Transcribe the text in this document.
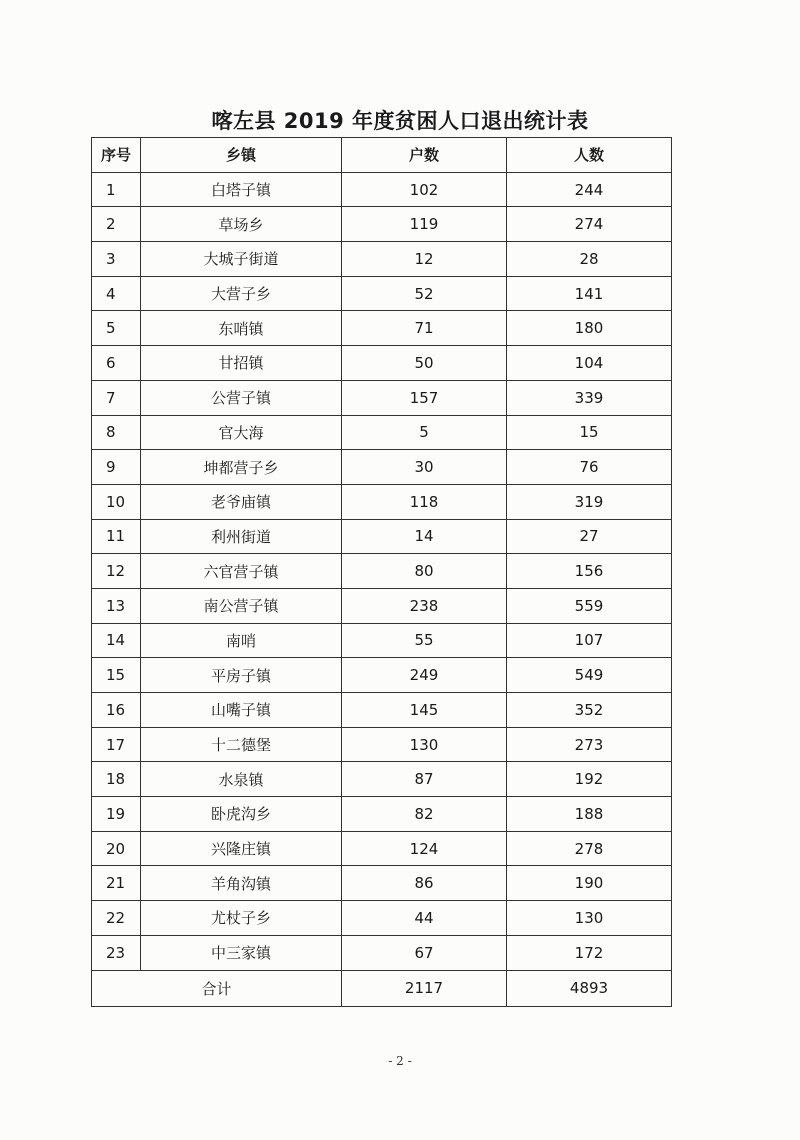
喀左县 2019 年度贫困人口退出统计表
序号	乡镇	户数	人数
1	白塔子镇	102	244
2	草场乡	119	274
3	大城子街道	12	28
4	大营子乡	52	141
5	东哨镇	71	180
6	甘招镇	50	104
7	公营子镇	157	339
8	官大海	5	15
9	坤都营子乡	30	76
10	老爷庙镇	118	319
11	利州街道	14	27
12	六官营子镇	80	156
13	南公营子镇	238	559
14	南哨	55	107
15	平房子镇	249	549
16	山嘴子镇	145	352
17	十二德堡	130	273
18	水泉镇	87	192
19	卧虎沟乡	82	188
20	兴隆庄镇	124	278
21	羊角沟镇	86	190
22	尤杖子乡	44	130
23	中三家镇	67	172
合计		2117	4893
- 2 -
